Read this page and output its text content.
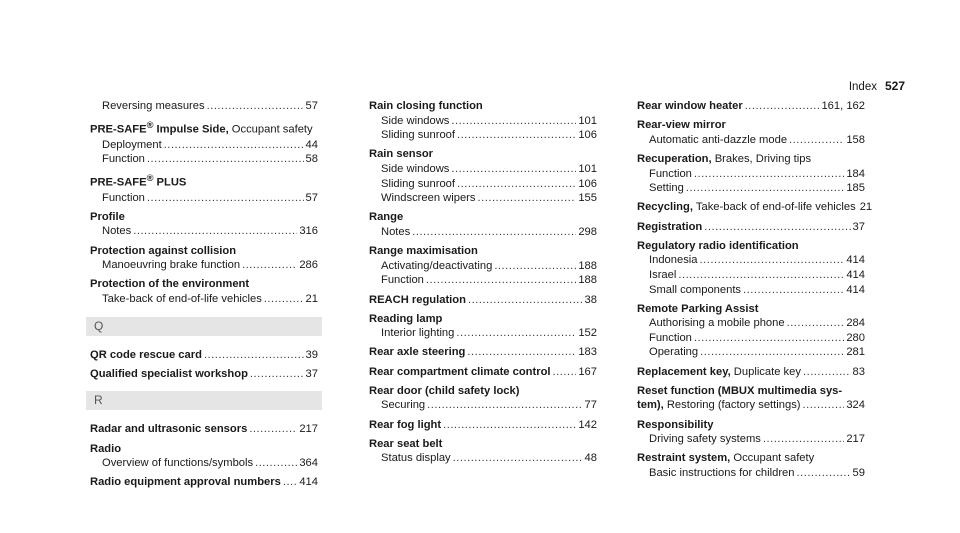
Index 527
Reversing measures .....	57
PRE-SAFE® Impulse Side, Occupant safety
Deployment .....	44
Function .....	58
PRE-SAFE® PLUS
Function .....	57
Profile
Notes .....	316
Protection against collision
Manoeuvring brake function .....	286
Protection of the environment
Take-back of end-of-life vehicles .....	21
Q
QR code rescue card .....	39
Qualified specialist workshop .....	37
R
Radar and ultrasonic sensors .....	217
Radio
Overview of functions/symbols .....	364
Radio equipment approval numbers ..... 414
Rain closing function
Side windows .....	101
Sliding sunroof .....	106
Rain sensor
Side windows .....	101
Sliding sunroof .....	106
Windscreen wipers .....	155
Range
Notes .....	298
Range maximisation
Activating/deactivating .....	188
Function .....	188
REACH regulation .....	38
Reading lamp
Interior lighting .....	152
Rear axle steering .....	183
Rear compartment climate control ..... 167
Rear door (child safety lock)
Securing .....	77
Rear fog light .....	142
Rear seat belt
Status display .....	48
Rear window heater .....	161, 162
Rear-view mirror
Automatic anti-dazzle mode .....	158
Recuperation, Brakes, Driving tips
Function .....	184
Setting .....	185
Recycling, Take-back of end-of-life vehicles 21
Registration .....	37
Regulatory radio identification
Indonesia .....	414
Israel .....	414
Small components .....	414
Remote Parking Assist
Authorising a mobile phone .....	284
Function .....	280
Operating .....	281
Replacement key, Duplicate key .....	83
Reset function (MBUX multimedia sys-
tem), Restoring (factory settings) .....	324
Responsibility
Driving safety systems .....	217
Restraint system, Occupant safety
Basic instructions for children .....	59
